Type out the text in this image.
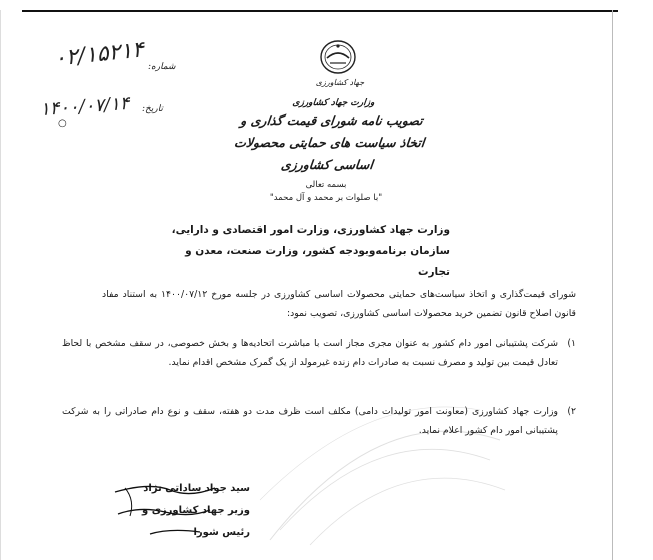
۰۲/۱۵۲۱۴ شماره:
۱۴۰۰/۰۷/۱۴ تاریخ:
○
جهاد کشاورزی
وزارت جهاد کشاورزی
تصویب نامه شورای قیمت گذاری و
اتخاذ سیاست های حمایتی محصولات اساسی کشاورزی
بسمه تعالی
"با صلوات بر محمد و آل محمد"
وزارت جهاد کشاورزی، وزارت امور اقتصادی و دارایی،
سازمان برنامه‌وبودجه کشور، وزارت صنعت، معدن و تجارت
شورای قیمت‌گذاری و اتخاذ سیاست‌های حمایتی محصولات اساسی کشاورزی در جلسه مورخ ۱۴۰۰/۰۷/۱۲ به استناد مفاد قانون اصلاح قانون تضمین خرید محصولات اساسی کشاورزی، تصویب نمود:
۱)
شرکت پشتیبانی امور دام کشور به عنوان مجری مجاز است با مباشرت اتحادیه‌ها و بخش خصوصی، در سقف مشخص با لحاظ تعادل قیمت بین تولید و مصرف نسبت به صادرات دام زنده غیرمولد از یک گمرک مشخص اقدام نماید.
۲)
وزارت جهاد کشاورزی (معاونت امور تولیدات دامی) مکلف است ظرف مدت دو هفته، سقف و نوع دام صادراتی را به شرکت پشتیبانی امور دام کشور اعلام نماید.
سید جواد ساداتی نژاد
وزیر جهاد کشاورزی و
رئیس شورا
